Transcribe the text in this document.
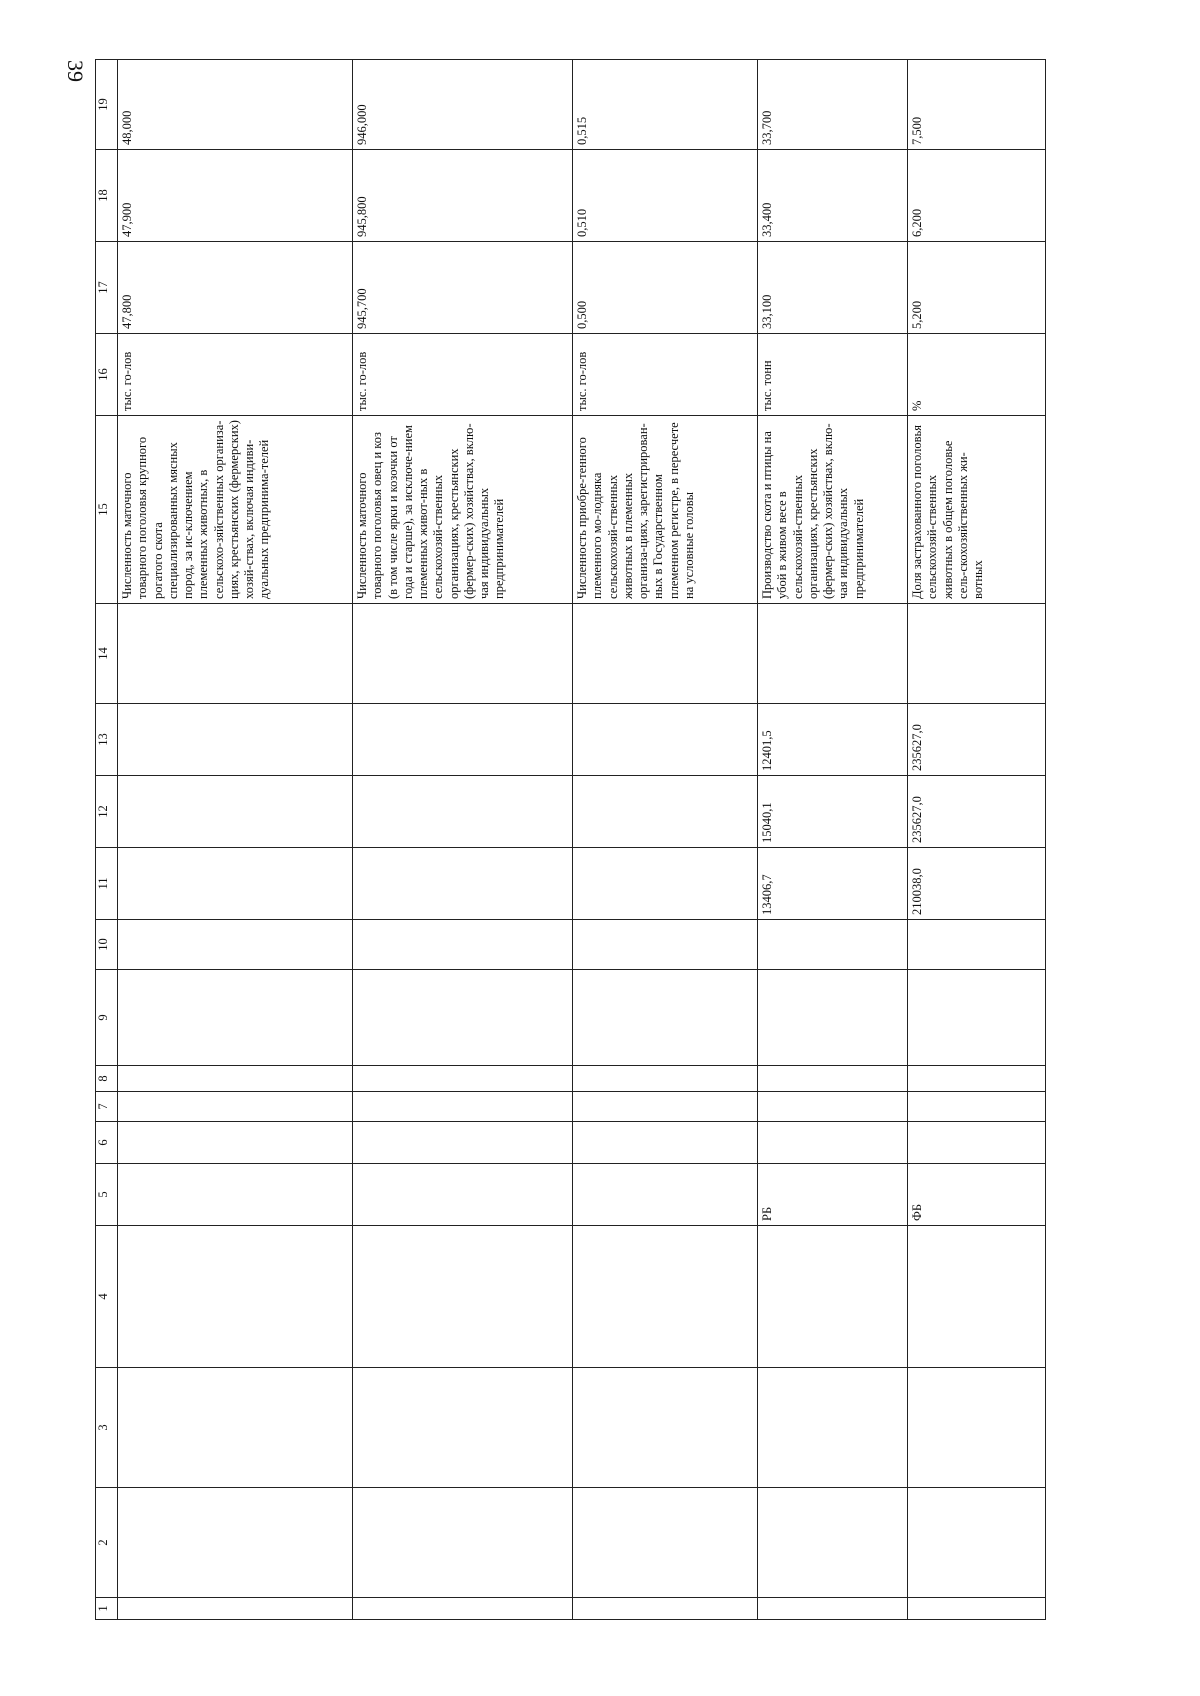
39
1	2	3	4	5	6	7	8	9	10	11	12	13	14	15	16	17	18	19
														Численность маточного товарного поголовья крупного рогатого скота специализированных мясных пород, за ис-ключением племенных животных, в сельскохо-зяйственных организа-циях, крестьянских (фермерских) хозяй-ствах, включая индиви-дуальных предпринима-телей	тыс. го-лов	47,800	47,900	48,000
														Численность маточного товарного поголовья овец и коз (в том числе ярки и козочки от года и старше), за исключе-нием племенных живот-ных в сельскохозяй-ственных организациях, крестьянских (фермер-ских) хозяйствах, вклю-чая индивидуальных предпринимателей	тыс. го-лов	945,700	945,800	946,000
														Численность приобре-тенного племенного мо-лодняка сельскохозяй-ственных животных в племенных организа-циях, зарегистрирован-ных в Государственном племенном регистре, в пересчете на условные головы	тыс. го-лов	0,500	0,510	0,515
				РБ						13406,7	15040,1	12401,5		Производство скота и птицы на убой в живом весе в сельскохозяй-ственных организациях, крестьянских (фермер-ских) хозяйствах, вклю-чая индивидуальных предпринимателей	тыс. тонн	33,100	33,400	33,700
				ФБ						210038,0	235627,0	235627,0		Доля застрахованного поголовья сельскохозяй-ственных животных в общем поголовье сель-скохозяйственных жи-вотных	%	5,200	6,200	7,500
